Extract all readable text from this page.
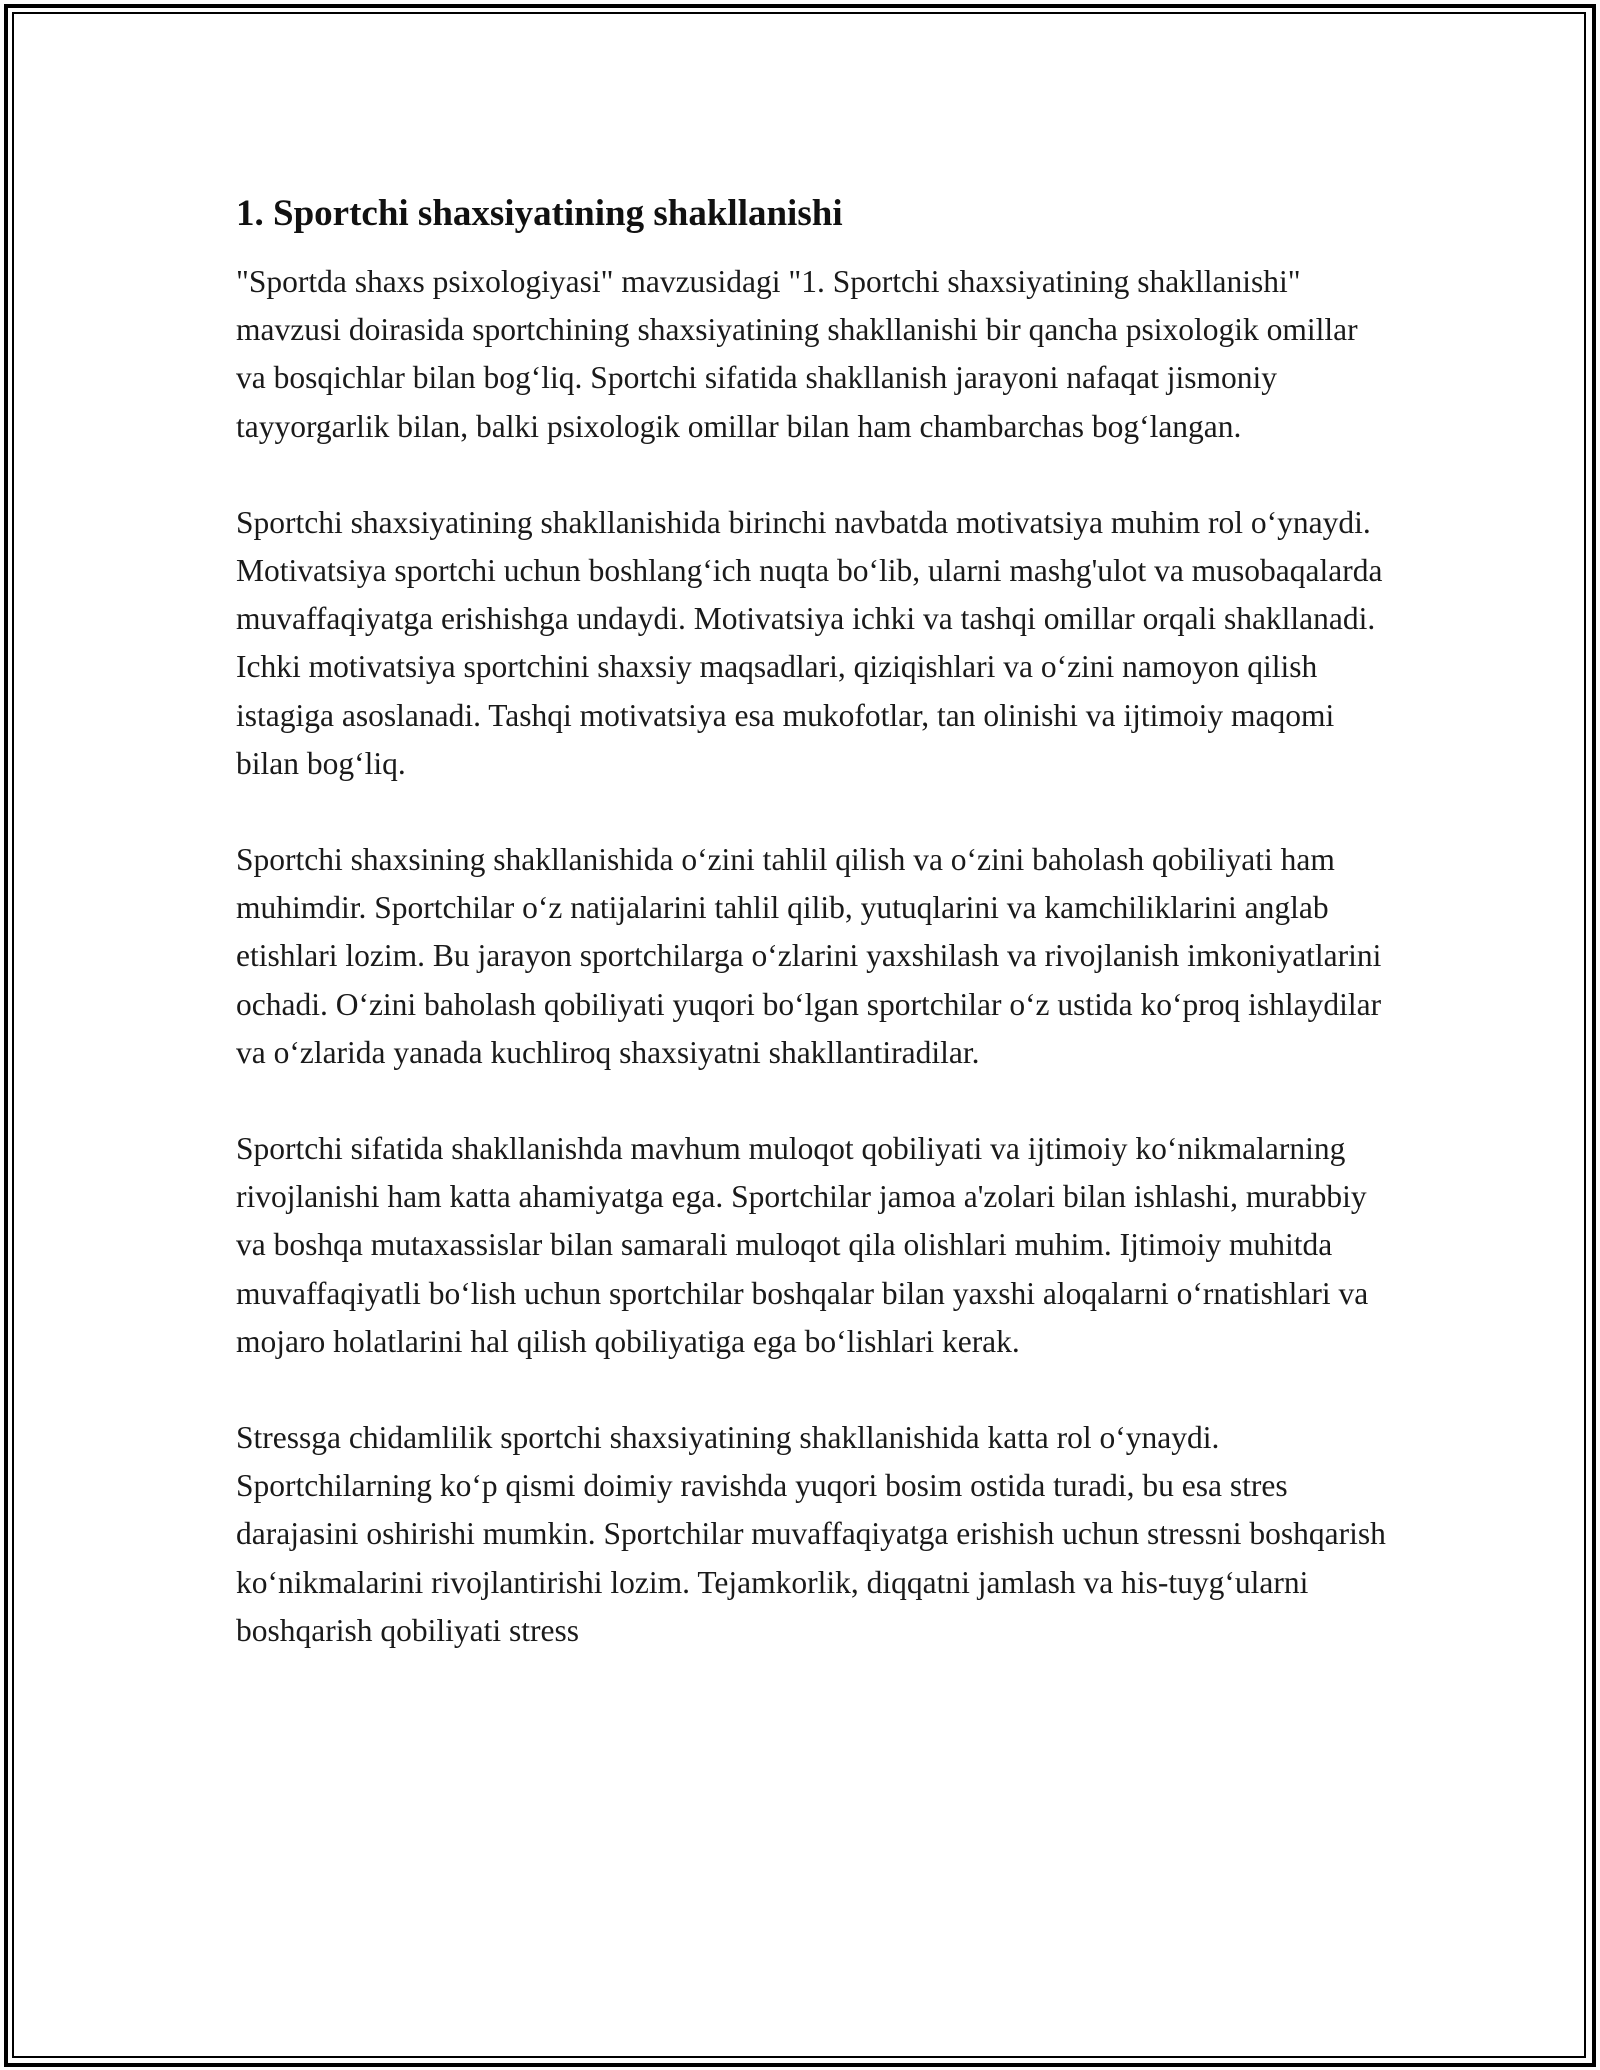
1. Sportchi shaxsiyatining shakllanishi

"Sportda shaxs psixologiyasi" mavzusidagi "1. Sportchi shaxsiyatining shakllanishi" mavzusi doirasida sportchining shaxsiyatining shakllanishi bir qancha psixologik omillar va bosqichlar bilan bog‘liq. Sportchi sifatida shakllanish jarayoni nafaqat jismoniy tayyorgarlik bilan, balki psixologik omillar bilan ham chambarchas bog‘langan.

Sportchi shaxsiyatining shakllanishida birinchi navbatda motivatsiya muhim rol o‘ynaydi. Motivatsiya sportchi uchun boshlang‘ich nuqta bo‘lib, ularni mashg'ulot va musobaqalarda muvaffaqiyatga erishishga undaydi. Motivatsiya ichki va tashqi omillar orqali shakllanadi. Ichki motivatsiya sportchini shaxsiy maqsadlari, qiziqishlari va o‘zini namoyon qilish istagiga asoslanadi. Tashqi motivatsiya esa mukofotlar, tan olinishi va ijtimoiy maqomi bilan bog‘liq.

Sportchi shaxsining shakllanishida o‘zini tahlil qilish va o‘zini baholash qobiliyati ham muhimdir. Sportchilar o‘z natijalarini tahlil qilib, yutuqlarini va kamchiliklarini anglab etishlari lozim. Bu jarayon sportchilarga o‘zlarini yaxshilash va rivojlanish imkoniyatlarini ochadi. O‘zini baholash qobiliyati yuqori bo‘lgan sportchilar o‘z ustida ko‘proq ishlaydilar va o‘zlarida yanada kuchliroq shaxsiyatni shakllantiradilar.

Sportchi sifatida shakllanishda mavhum muloqot qobiliyati va ijtimoiy ko‘nikmalarning rivojlanishi ham katta ahamiyatga ega. Sportchilar jamoa a'zolari bilan ishlashi, murabbiy va boshqa mutaxassislar bilan samarali muloqot qila olishlari muhim. Ijtimoiy muhitda muvaffaqiyatli bo‘lish uchun sportchilar boshqalar bilan yaxshi aloqalarni o‘rnatishlari va mojaro holatlarini hal qilish qobiliyatiga ega bo‘lishlari kerak.

Stressga chidamlilik sportchi shaxsiyatining shakllanishida katta rol o‘ynaydi. Sportchilarning ko‘p qismi doimiy ravishda yuqori bosim ostida turadi, bu esa stres darajasini oshirishi mumkin. Sportchilar muvaffaqiyatga erishish uchun stressni boshqarish ko‘nikmalarini rivojlantirishi lozim. Tejamkorlik, diqqatni jamlash va his-tuyg‘ularni boshqarish qobiliyati stress
